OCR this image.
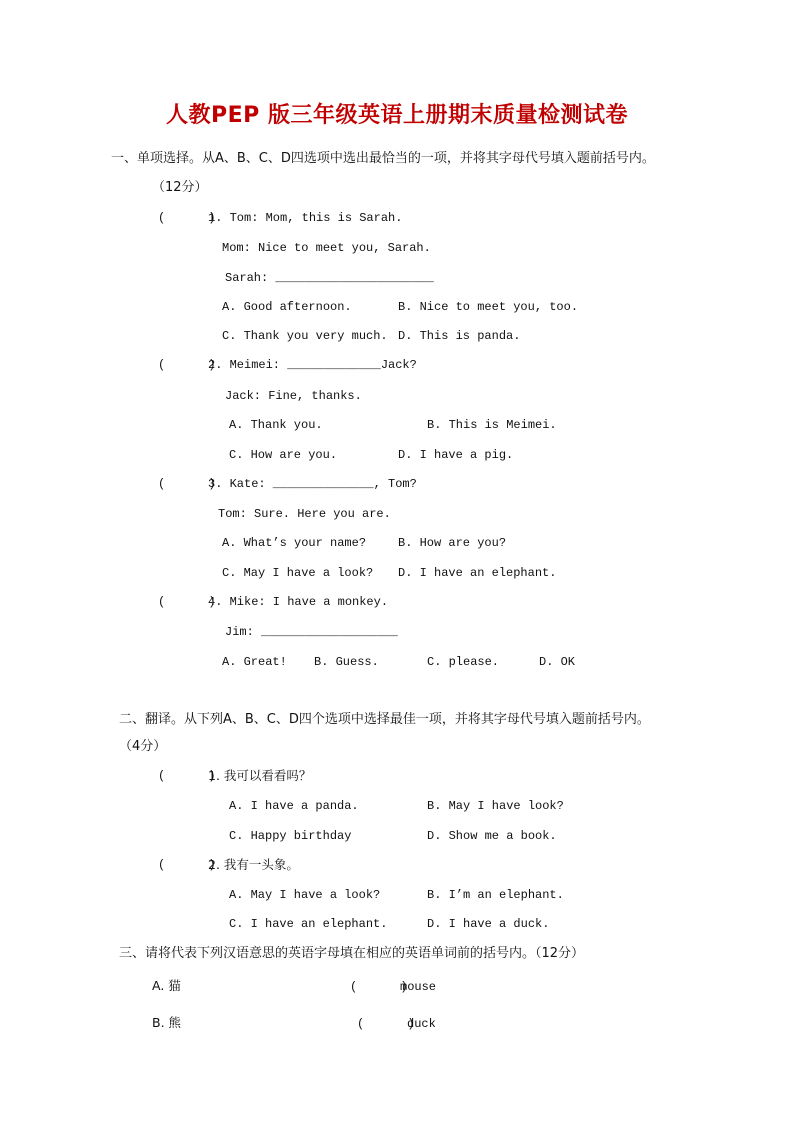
人教PEP 版三年级英语上册期末质量检测试卷
一、单项选择。从A、B、C、D四选项中选出最恰当的一项，并将其字母代号填入题前括号内。
（12分）
(      )
1. Tom: Mom, this is Sarah.
Mom: Nice to meet you, Sarah.
Sarah: ______________________
A. Good afternoon.	B. Nice to meet you, too.
C. Thank you very much. D. This is panda.
(      )
2. Meimei: _____________Jack?
Jack: Fine, thanks.
A. Thank you.	B. This is Meimei.
C. How are you.	D. I have a pig.
(      )
3. Kate: ______________, Tom?
Tom: Sure. Here you are.
A. What’s your name?	B. How are you?
C. May I have a look? D. I have an elephant.
(      )
4. Mike: I have a monkey.
Jim: ___________________
A. Great! B. Guess.	C. please.	D. OK
二、翻译。从下列A、B、C、D四个选项中选择最佳一项，并将其字母代号填入题前括号内。
（4分）
(      )
1. 我可以看看吗？
A. I have a panda.	B. May I have look?
C. Happy birthday	D. Show me a book.
(      )
2. 我有一头象。
A. May I have a look?	B. I’m an elephant.
C. I have an elephant.	D. I have a duck.
三、请将代表下列汉语意思的英语字母填在相应的英语单词前的括号内。（12分）
A. 猫	(      )
mouse
B. 熊	(      )
duck
